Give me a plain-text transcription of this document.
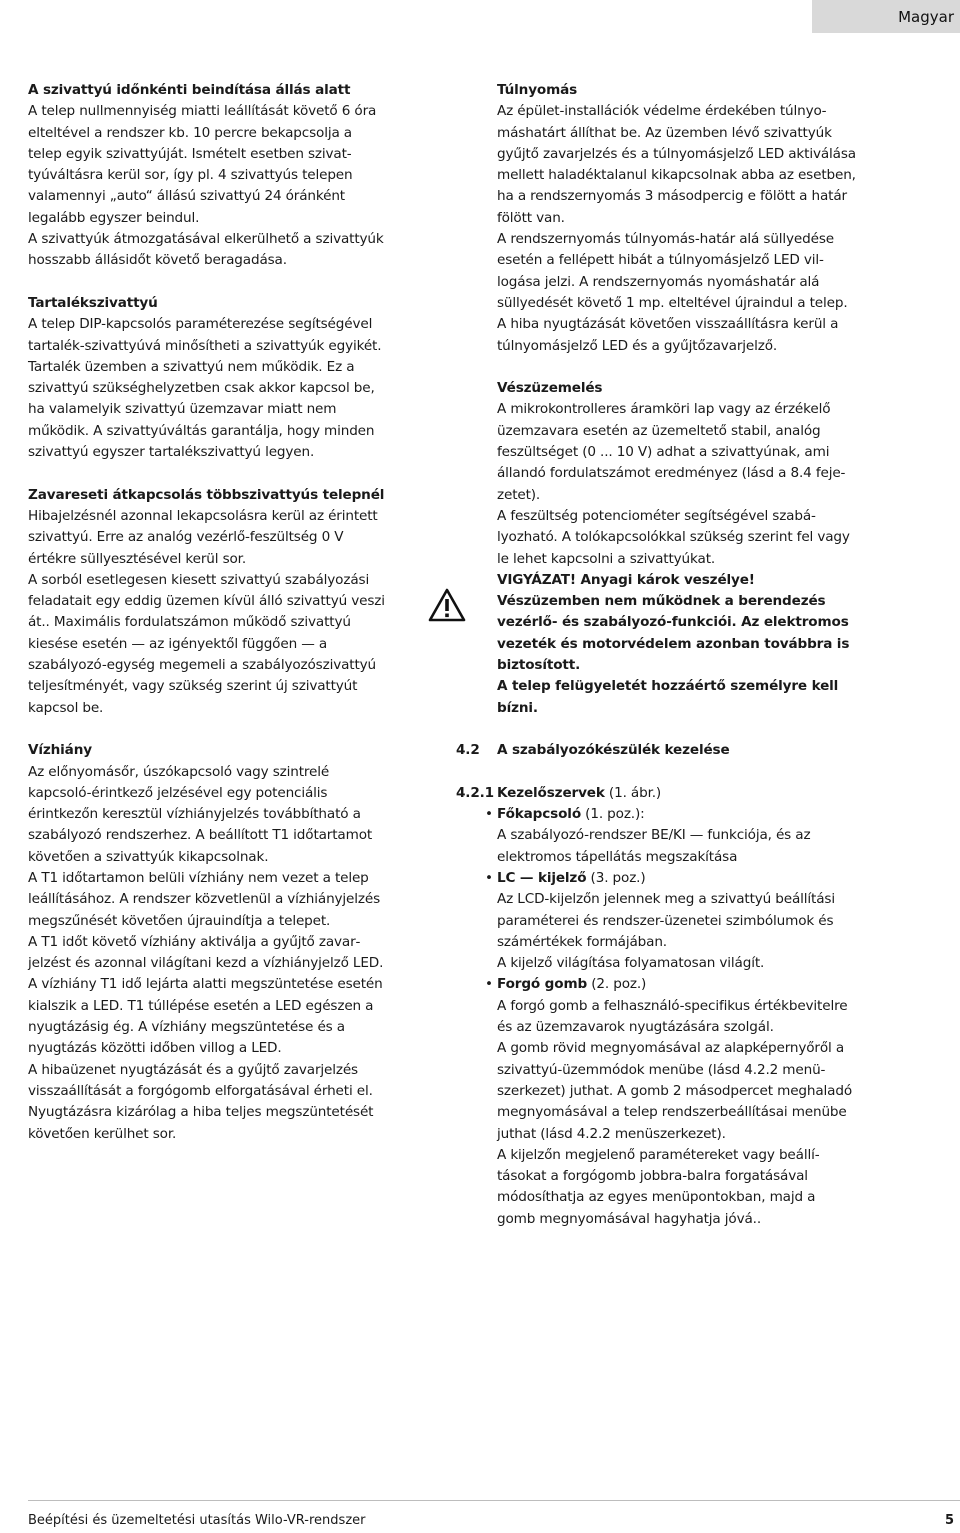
Magyar
A szivattyú időnkénti beindítása állás alatt

A telep nullmennyiség miatti leállítását követő 6 óra elteltével a rendszer kb. 10 percre bekapcsolja a telep egyik szivattyúját. Ismételt esetben szivattyúváltásra kerül sor, így pl. 4 szivattyús telepen valamennyi „auto“ állású szivattyú 24 óránként legalább egyszer beindul.

A szivattyúk átmozgatásával elkerülhető a szivattyúk hosszabb állásidőt követő beragadása.

Tartalékszivattyú

A telep DIP-kapcsolós paraméterezése segítségével tartalék-szivattyúvá minősítheti a szivattyúk egyikét. Tartalék üzemben a szivattyú nem működik. Ez a szivattyú szükséghelyzetben csak akkor kapcsol be, ha valamelyik szivattyú üzemzavar miatt nem működik. A szivattyúváltás garantálja, hogy minden szivattyú egyszer tartalékszivattyú legyen.

Zavareseti átkapcsolás többszivattyús telepnél

Hibajelzésnél azonnal lekapcsolásra kerül az érintett szivattyú. Erre az analóg vezérlő-feszültség 0 V értékre süllyesztésével kerül sor.

A sorból esetlegesen kiesett szivattyú szabályozási feladatait egy eddig üzemen kívül álló szivattyú veszi át.. Maximális fordulatszámon működő szivattyú kiesése esetén — az igényektől függően — a szabályozó-egység megemeli a szabályozószivattyú teljesítményét, vagy szükség szerint új szivattyút kapcsol be.

Vízhiány

Az előnyomásőr, úszókapcsoló vagy szintrelé kapcsoló-érintkező jelzésével egy potenciális érintkezőn keresztül vízhiányjelzés továbbítható a szabályozó rendszerhez. A beállított T1 időtartamot követően a szivattyúk kikapcsolnak.

A T1 időtartamon belüli vízhiány nem vezet a telep leállításához. A rendszer közvetlenül a vízhiányjelzés megszűnését követően újrauindítja a telepet.

A T1 időt követő vízhiány aktiválja a gyűjtő zavarjelzést és azonnal világítani kezd a vízhiányjelző LED. A vízhiány T1 idő lejárta alatti megszüntetése esetén kialszik a LED. T1 túllépése esetén a LED egészen a nyugtázásig ég. A vízhiány megszüntetése és a nyugtázás közötti időben villog a LED.

A hibaüzenet nyugtázását és a gyűjtő zavarjelzés visszaállítását a forgógomb elforgatásával érheti el. Nyugtázásra kizárólag a hiba teljes megszüntetését követően kerülhet sor.

Túlnyomás

Az épület-installációk védelme érdekében túlnyomáshatárt állíthat be. Az üzemben lévő szivattyúk gyűjtő zavarjelzés és a túlnyomásjelző LED aktiválása mellett haladéktalanul kikapcsolnak abba az esetben, ha a rendszernyomás 3 másodpercig e fölött a határ fölött van.

A rendszernyomás túlnyomás-határ alá süllyedése esetén a fellépett hibát a túlnyomásjelző LED villogása jelzi. A rendszernyomás nyomáshatár alá süllyedését követő 1 mp. elteltével újraindul a telep.

A hiba nyugtázását követően visszaállításra kerül a túlnyomásjelző LED és a gyűjtőzavarjelző.

Vészüzemelés

A mikrokontrolleres áramköri lap vagy az érzékelő üzemzavara esetén az üzemeltető stabil, analóg feszültséget (0 ... 10 V) adhat a szivattyúnak, ami állandó fordulatszámot eredményez (lásd a 8.4 fejezetet).

A feszültség potenciométer segítségével szabályozható. A tolókapcsolókkal szükség szerint fel vagy le lehet kapcsolni a szivattyúkat.

VIGYÁZAT! Anyagi károk veszélye!

Vészüzemben nem működnek a berendezés vezérlő- és szabályozó-funkciói. Az elektromos vezeték és motorvédelem azonban továbbra is biztosított.

A telep felügyeletét hozzáértő személyre kell bízni.

4.2 A szabályozókészülék kezelése
4.2.1 Kezelőszervek (1. ábr.)
• Főkapcsoló (1. poz.):

A szabályozó-rendszer BE/KI — funkciója, és az elektromos tápellátás megszakítása

• LC — kijelző (3. poz.)

Az LCD-kijelzőn jelennek meg a szivattyú beállítási paraméterei és rendszer-üzenetei szimbólumok és számértékek formájában.

A kijelző világítása folyamatosan világít.

• Forgó gomb (2. poz.)

A forgó gomb a felhasználó-specifikus értékbevitelre és az üzemzavarok nyugtázására szolgál.

A gomb rövid megnyomásával az alapképernyőről a szivattyú-üzemmódok menübe (lásd 4.2.2 menüszerkezet) juthat. A gomb 2 másodpercet meghaladó megnyomásával a telep rendszerbeállításai menübe juthat (lásd 4.2.2 menüszerkezet).

A kijelzőn megjelenő paramétereket vagy beállításokat a forgógomb jobbra-balra forgatásával módosíthatja az egyes menüpontokban, majd a gomb megnyomásával hagyhatja jóvá..

Beépítési és üzemeltetési utasítás Wilo-VR-rendszer	5
